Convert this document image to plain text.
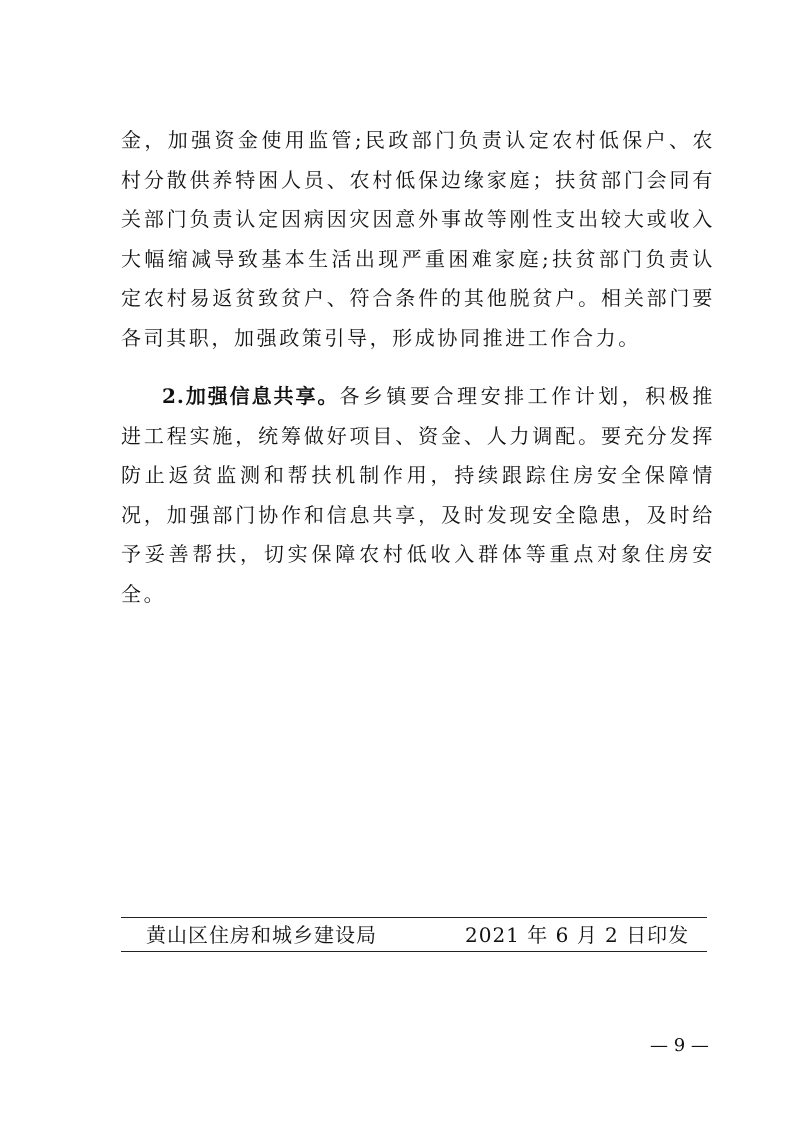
金，加强资金使用监管;民政部门负责认定农村低保户、农村分散供养特困人员、农村低保边缘家庭；扶贫部门会同有关部门负责认定因病因灾因意外事故等刚性支出较大或收入大幅缩减导致基本生活出现严重困难家庭;扶贫部门负责认定农村易返贫致贫户、符合条件的其他脱贫户。相关部门要各司其职，加强政策引导，形成协同推进工作合力。

2.加强信息共享。各乡镇要合理安排工作计划，积极推进工程实施，统筹做好项目、资金、人力调配。要充分发挥防止返贫监测和帮扶机制作用，持续跟踪住房安全保障情况，加强部门协作和信息共享，及时发现安全隐患，及时给予妥善帮扶，切实保障农村低收入群体等重点对象住房安全。

黄山区住房和城乡建设局	2021 年 6 月 2 日印发
— 9 —
